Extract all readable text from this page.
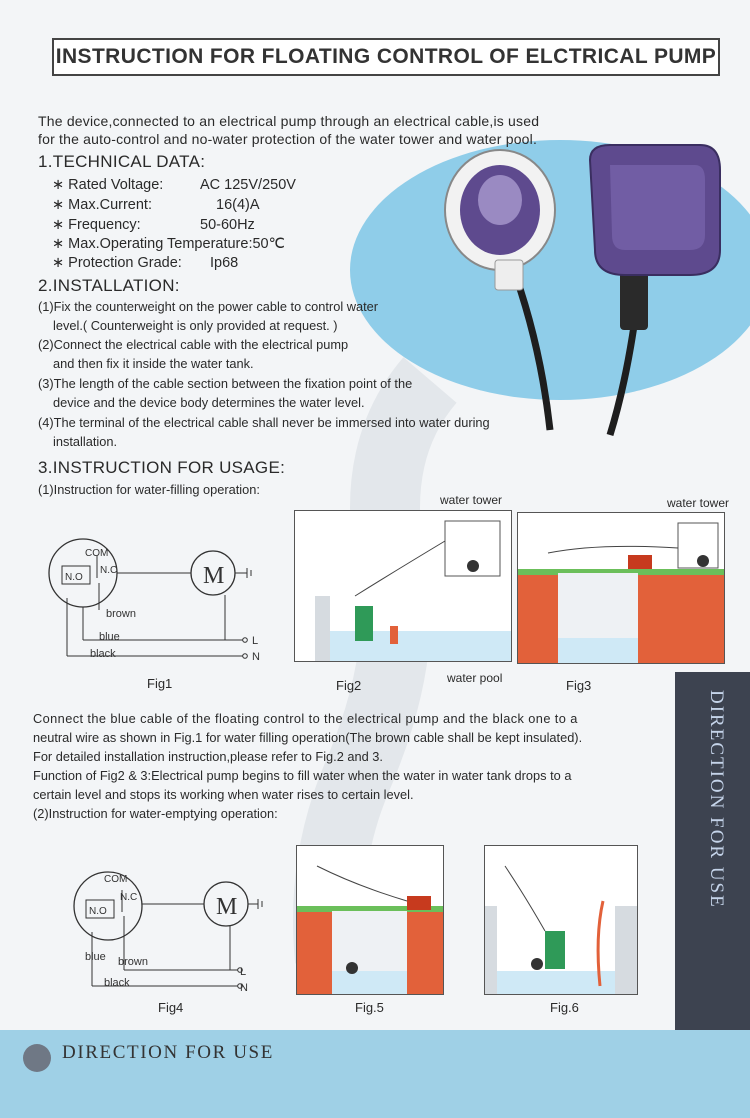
INSTRUCTION FOR FLOATING CONTROL OF ELCTRICAL PUMP
The device,connected to an electrical pump through an electrical cable,is used for the auto-control and no-water protection of the water tower and water pool.
1.TECHNICAL DATA:
∗ Rated Voltage:	AC 125V/250V
∗ Max.Current:	16(4)A
∗ Frequency:	50-60Hz
∗ Max.Operating Temperature:50℃
∗ Protection Grade: Ip68
2.INSTALLATION:
(1)Fix the counterweight on the power cable to control water
level.( Counterweight is only provided at request. )
(2)Connect the electrical cable with the electrical pump
and then fix it inside the water tank.
(3)The length of the cable section between the fixation point of the
device and the device body determines the water level.
(4)The terminal of the electrical cable shall never be immersed into water during
installation.
3.INSTRUCTION FOR USAGE:
(1)Instruction for water-filling operation:
COM
N.C
N.O	M
brown
blue
black
L
N
Fig1
water tower
water pool
Fig2
water tower
Fig3
Connect the blue cable of the floating control to the electrical pump and the black one to a
neutral wire as shown in Fig.1 for water filling operation(The brown cable shall be kept insulated).
For detailed installation instruction,please refer to Fig.2 and 3.
Function of Fig2 & 3:Electrical pump begins to fill water when the water in water tank drops to a
certain level and stops its working when water rises to certain level.
(2)Instruction for water-emptying operation:
COM
N.C
N.O	M
blue brown
black
L
N
Fig4	Fig.5	Fig.6
DIRECTION FOR USE
DIRECTION FOR USE
